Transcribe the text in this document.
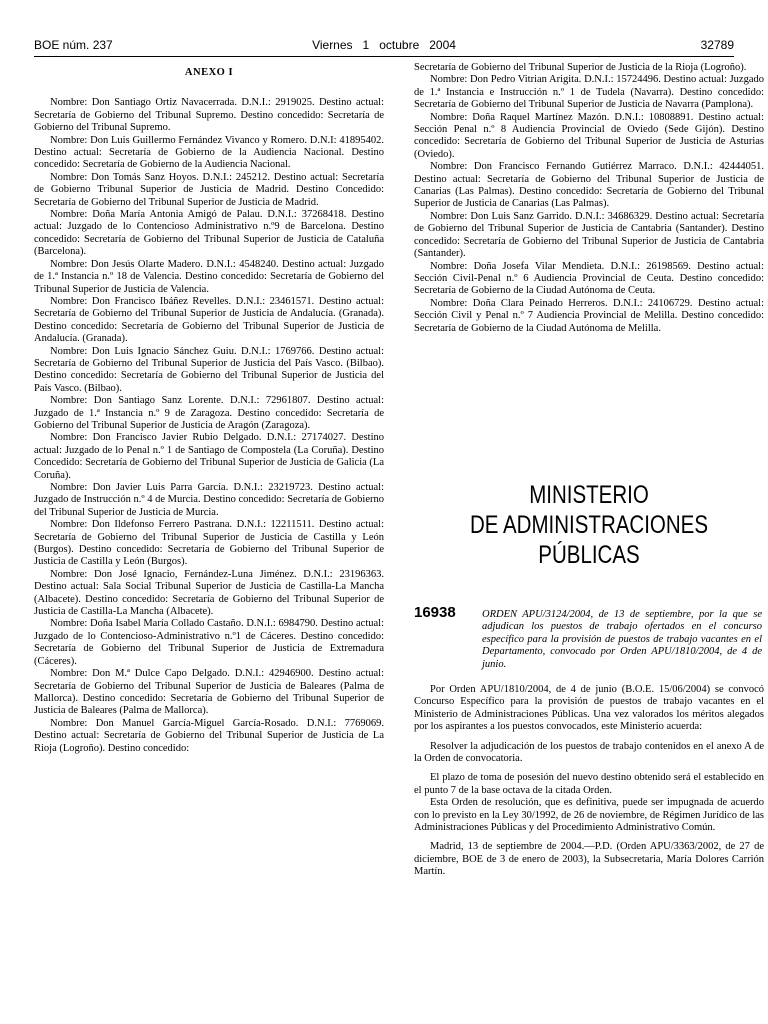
BOE núm. 237	Viernes   1   octubre   2004	32789
ANEXO I

Nombre: Don Santiago Ortiz Navacerrada. D.N.I.: 2919025. Destino actual: Secretaría de Gobierno del Tribunal Supremo. Destino concedido: Secretaría de Gobierno del Tribunal Supremo.

Nombre: Don Luis Guillermo Fernández Vivanco y Romero. D.N.I: 41895402. Destino actual: Secretaría de Gobierno de la Audiencia Nacional. Destino concedido: Secretaría de Gobierno de la Audiencia Nacional.

Nombre: Don Tomás Sanz Hoyos. D.N.I.: 245212. Destino actual: Secretaría de Gobierno Tribunal Superior de Justicia de Madrid. Destino Concedido: Secretaría de Gobierno del Tribunal Superior de Justicia de Madrid.

Nombre: Doña María Antonia Amigó de Palau. D.N.I.: 37268418. Destino actual: Juzgado de lo Contencioso Administrativo n.º9 de Barcelona. Destino concedido: Secretaría de Gobierno del Tribunal Superior de Justicia de Cataluña (Barcelona).

Nombre: Don Jesús Olarte Madero. D.N.I.: 4548240. Destino actual: Juzgado de 1.ª Instancia n.º 18 de Valencia. Destino concedido: Secretaría de Gobierno del Tribunal Superior de Justicia de Valencia.

Nombre: Don Francisco Ibáñez Revelles. D.N.I.: 23461571. Destino actual: Secretaría de Gobierno del Tribunal Superior de Justicia de Andalucía. (Granada). Destino concedido: Secretaría de Gobierno del Tribunal Superior de Justicia de Andalucía. (Granada).

Nombre: Don Luis Ignacio Sánchez Guiu. D.N.I.: 1769766. Destino actual: Secretaría de Gobierno del Tribunal Superior de Justicia del País Vasco. (Bilbao). Destino concedido: Secretaría de Gobierno del Tribunal Superior de Justicia del País Vasco. (Bilbao).

Nombre: Don Santiago Sanz Lorente. D.N.I.: 72961807. Destino actual: Juzgado de 1.ª Instancia n.º 9 de Zaragoza. Destino concedido: Secretaría de Gobierno del Tribunal Superior de Justicia de Aragón (Zaragoza).

Nombre: Don Francisco Javier Rubio Delgado. D.N.I.: 27174027. Destino actual: Juzgado de lo Penal n.º 1 de Santiago de Compostela (La Coruña). Destino Concedido: Secretaría de Gobierno del Tribunal Superior de Justicia de Galicia (La Coruña).

Nombre: Don Javier Luis Parra García. D.N.I.: 23219723. Destino actual: Juzgado de Instrucción n.º 4 de Murcia. Destino concedido: Secretaría de Gobierno del Tribunal Superior de Justicia de Murcia.

Nombre: Don Ildefonso Ferrero Pastrana. D.N.I.: 12211511. Destino actual: Secretaría de Gobierno del Tribunal Superior de Justicia de Castilla y León (Burgos). Destino concedido: Secretaría de Gobierno del Tribunal Superior de Justicia de Castilla y León (Burgos).

Nombre: Don José Ignacio, Fernández-Luna Jiménez. D.N.I.: 23196363. Destino actual: Sala Social Tribunal Superior de Justicia de Castilla-La Mancha (Albacete). Destino concedido: Secretaría de Gobierno del Tribunal Superior de Justicia de Castilla-La Mancha (Albacete).

Nombre: Doña Isabel María Collado Castaño. D.N.I.: 6984790. Destino actual: Juzgado de lo Contencioso-Administrativo n.º1 de Cáceres. Destino concedido: Secretaría de Gobierno del Tribunal Superior de Justicia de Extremadura (Cáceres).

Nombre: Don M.ª Dulce Capo Delgado. D.N.I.: 42946900. Destino actual: Secretaría de Gobierno del Tribunal Superior de Justicia de Baleares (Palma de Mallorca). Destino concedido: Secretaría de Gobierno del Tribunal Superior de Justicia de Baleares (Palma de Mallorca).

Nombre: Don Manuel García-Miguel García-Rosado. D.N.I.: 7769069. Destino actual: Secretaría de Gobierno del Tribunal Superior de Justicia de La Rioja (Logroño). Destino concedido:

Secretaría de Gobierno del Tribunal Superior de Justicia de la Rioja (Logroño).

Nombre: Don Pedro Vitrian Arigita. D.N.I.: 15724496. Destino actual: Juzgado de 1.ª Instancia e Instrucción n.º 1 de Tudela (Navarra). Destino concedido: Secretaría de Gobierno del Tribunal Superior de Justicia de Navarra (Pamplona).

Nombre: Doña Raquel Martínez Mazón. D.N.I.: 10808891. Destino actual: Sección Penal n.º 8 Audiencia Provincial de Oviedo (Sede Gijón). Destino concedido: Secretaría de Gobierno del Tribunal Superior de Justicia de Asturias (Oviedo).

Nombre: Don Francisco Fernando Gutiérrez Marraco. D.N.I.: 42444051. Destino actual: Secretaría de Gobierno del Tribunal Superior de Justicia de Canarias (Las Palmas). Destino concedido: Secretaría de Gobierno del Tribunal Superior de Justicia de Canarias (Las Palmas).

Nombre: Don Luis Sanz Garrido. D.N.I.: 34686329. Destino actual: Secretaría de Gobierno del Tribunal Superior de Justicia de Cantabria (Santander). Destino concedido: Secretaría de Gobierno del Tribunal Superior de Justicia de Cantabria (Santander).

Nombre: Doña Josefa Vilar Mendieta. D.N.I.: 26198569. Destino actual: Sección Civil-Penal n.º 6 Audiencia Provincial de Ceuta. Destino concedido: Secretaría de Gobierno de la Ciudad Autónoma de Ceuta.

Nombre: Doña Clara Peinado Herreros. D.N.I.: 24106729. Destino actual: Sección Civil y Penal n.º 7 Audiencia Provincial de Melilla. Destino concedido: Secretaría de Gobierno de la Ciudad Autónoma de Melilla.

MINISTERIO
DE ADMINISTRACIONES
PÚBLICAS
16938	ORDEN APU/3124/2004, de 13 de septiembre, por la que se adjudican los puestos de trabajo ofertados en el concurso específico para la provisión de puestos de trabajo vacantes en el Departamento, convocado por Orden APU/1810/2004, de 4 de junio.

Por Orden APU/1810/2004, de 4 de junio (B.O.E. 15/06/2004) se convocó Concurso Específico para la provisión de puestos de trabajo vacantes en el Ministerio de Administraciones Públicas. Una vez valorados los méritos alegados por los aspirantes a los puestos convocados, este Ministerio acuerda:

Resolver la adjudicación de los puestos de trabajo contenidos en el anexo A de la Orden de convocatoria.

El plazo de toma de posesión del nuevo destino obtenido será el establecido en el punto 7 de la base octava de la citada Orden.

Esta Orden de resolución, que es definitiva, puede ser impugnada de acuerdo con lo previsto en la Ley 30/1992, de 26 de noviembre, de Régimen Jurídico de las Administraciones Públicas y del Procedimiento Administrativo Común.

Madrid, 13 de septiembre de 2004.—P.D. (Orden APU/3363/2002, de 27 de diciembre, BOE de 3 de enero de 2003), la Subsecretaria, María Dolores Carrión Martín.
